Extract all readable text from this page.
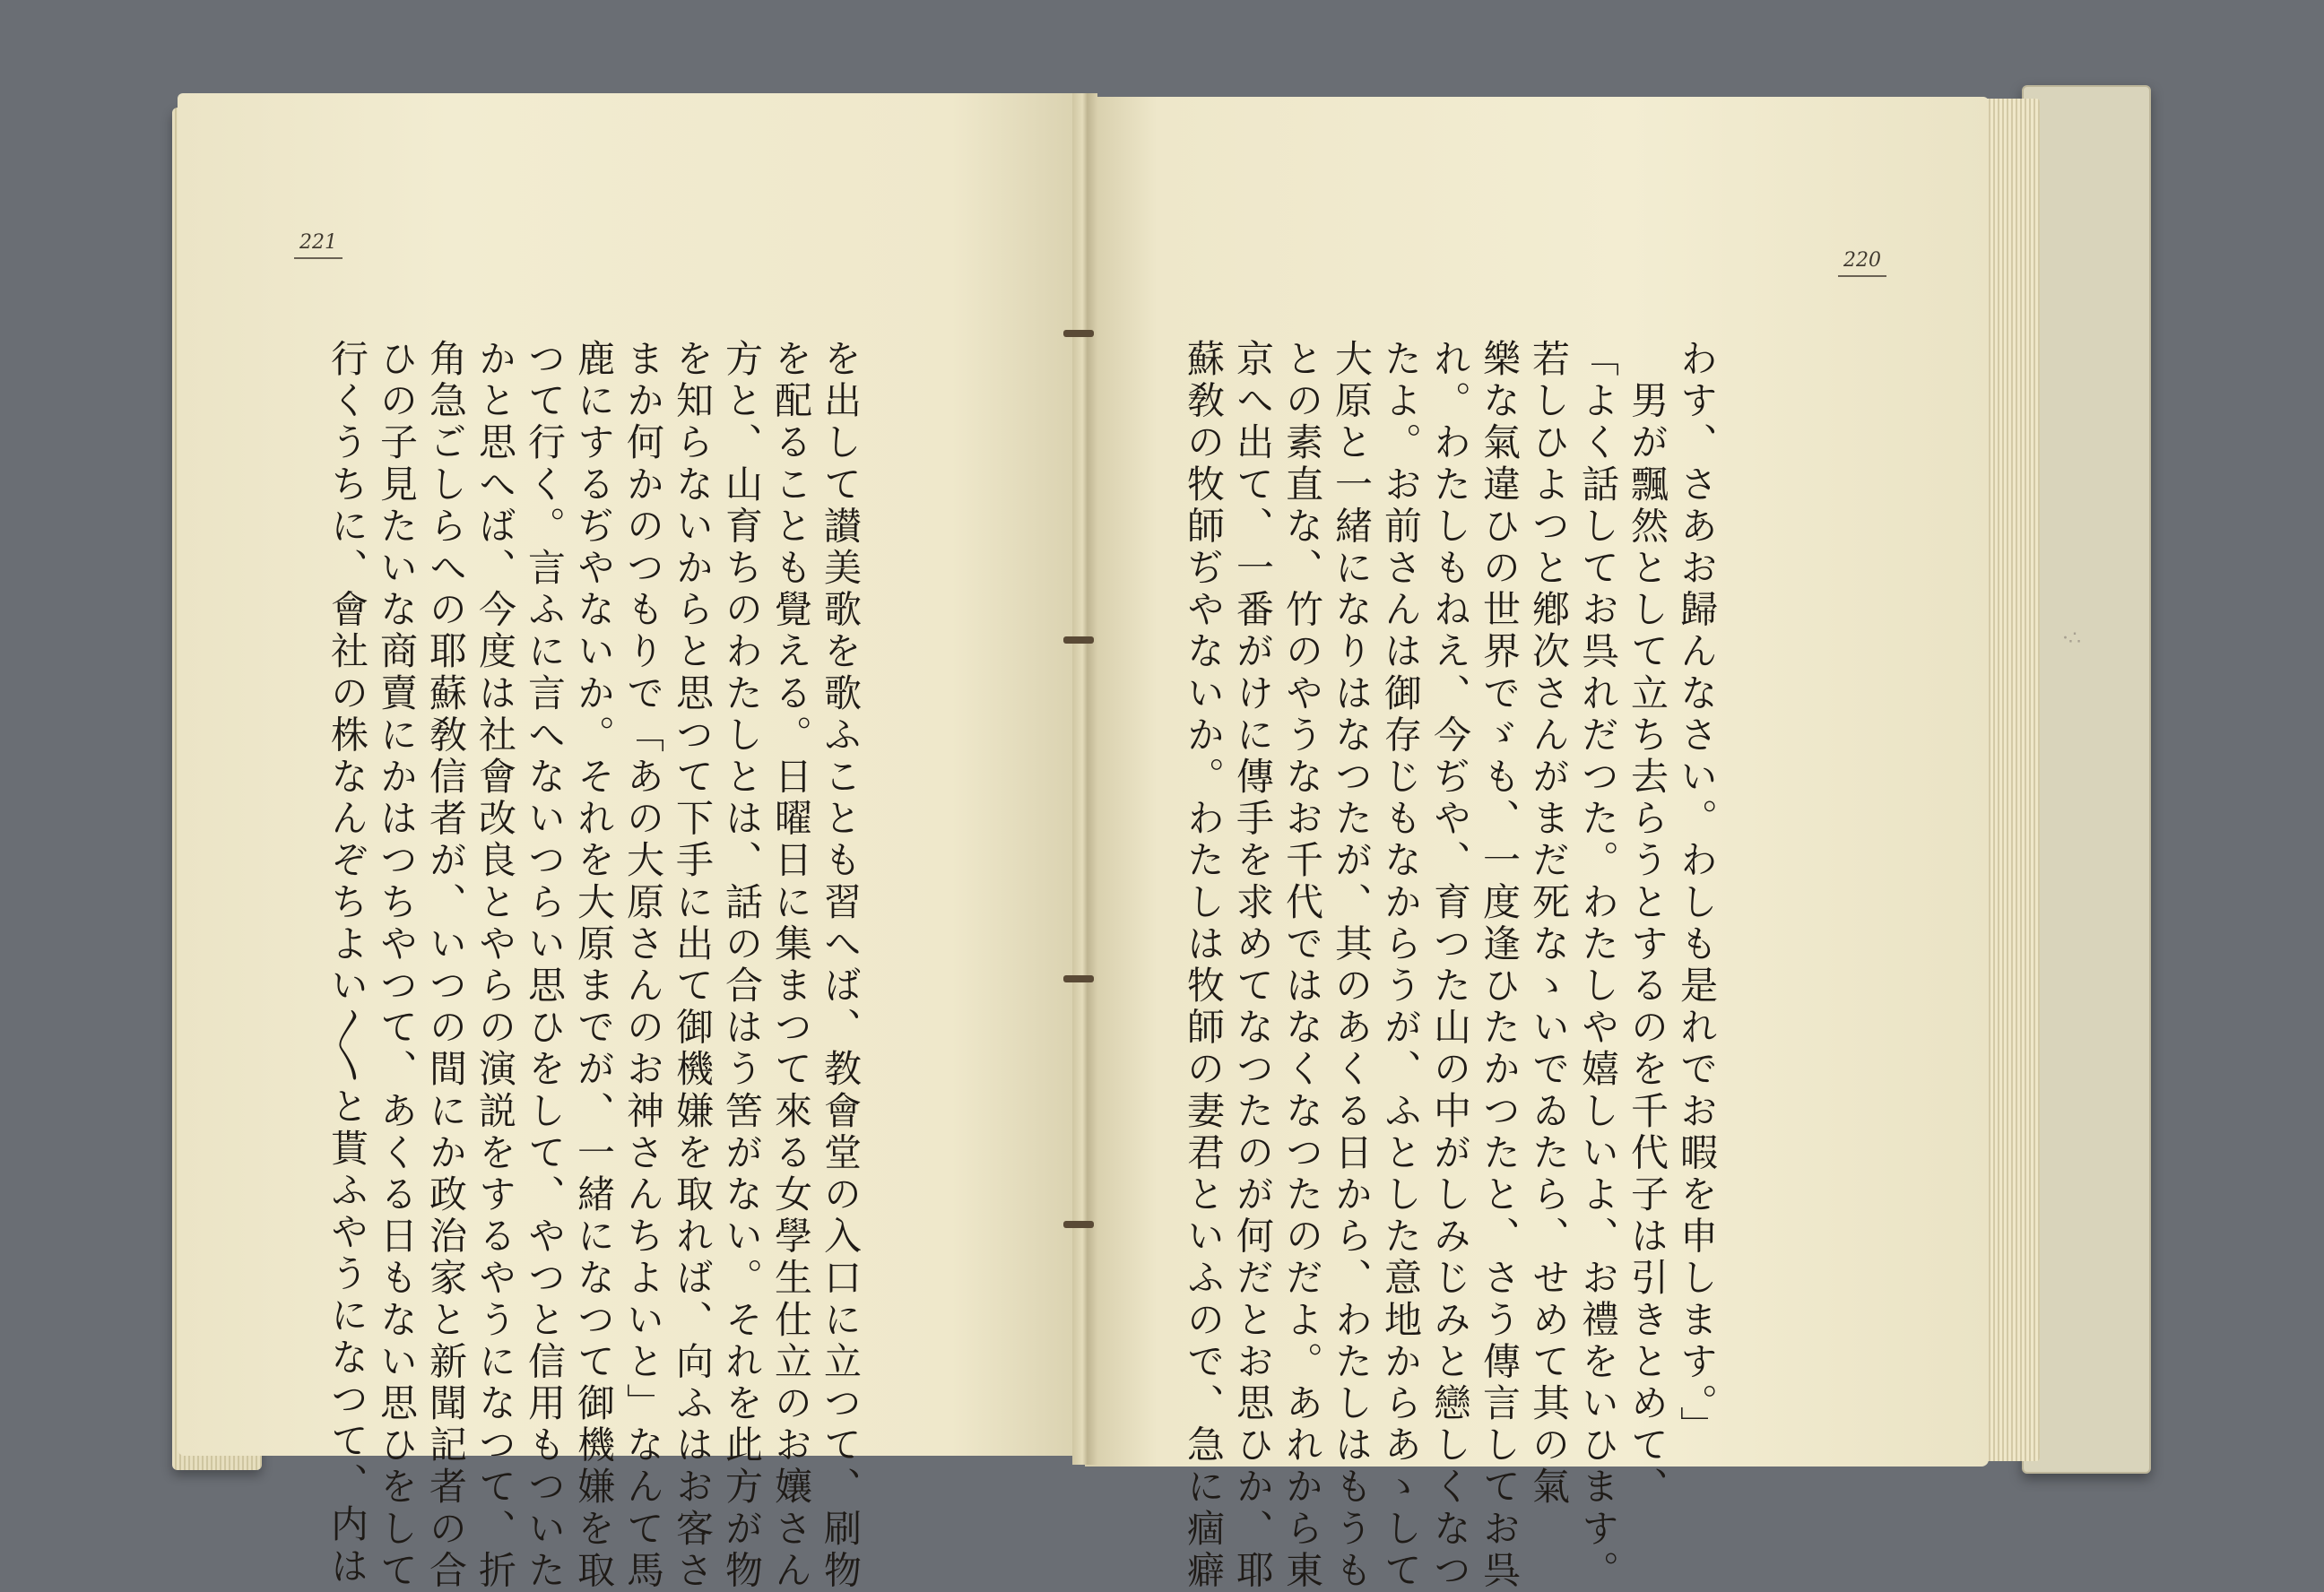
221
220
を出して讃美歌を歌ふことも習へば、教會堂の入口に立つて、刷物
を配ることも覺える。日曜日に集まつて來る女學生仕立のお孃さん
方と、山育ちのわたしとは、話の合はう筈がない。それを此方が物
を知らないからと思つて下手に出て御機嫌を取れば、向ふはお客さ
まか何かのつもりで「あの大原さんのお神さんちよいと」なんて馬
鹿にするぢやないか。それを大原までが、一緒になつて御機嫌を取
つて行く。言ふに言へないつらい思ひをして、やつと信用もついた
かと思へば、今度は社會改良とやらの演説をするやうになつて、折
角急ごしらへの耶蘇敎信者が、いつの間にか政治家と新聞記者の合
ひの子見たいな商賣にかはつちやつて、あくる日もない思ひをして
行くうちに、會社の株なんぞちよい〳〵と貰ふやうになつて、内は	わす、さあお歸んなさい。わしも是れでお暇を申します。」
　男が飄然として立ち去らうとするのを千代子は引きとめて、
「よく話してお呉れだつた。わたしや嬉しいよ、お禮をいひます。
若しひよつと鄕次さんがまだ死なゝいでゐたら、せめて其の氣
樂な氣違ひの世界でゞも、一度逢ひたかつたと、さう傳言してお呉
れ。わたしもねえ、今ぢや、育つた山の中がしみじみと戀しくなつ
たよ。お前さんは御存じもなからうが、ふとした意地からあゝして
大原と一緒になりはなつたが、其のあくる日から、わたしはもうも
との素直な、竹のやうなお千代ではなくなつたのだよ。あれから東
京へ出て、一番がけに傳手を求めてなつたのが何だとお思ひか、耶
蘇敎の牧師ぢやないか。わたしは牧師の妻君といふので、急に痼癖	·∴
